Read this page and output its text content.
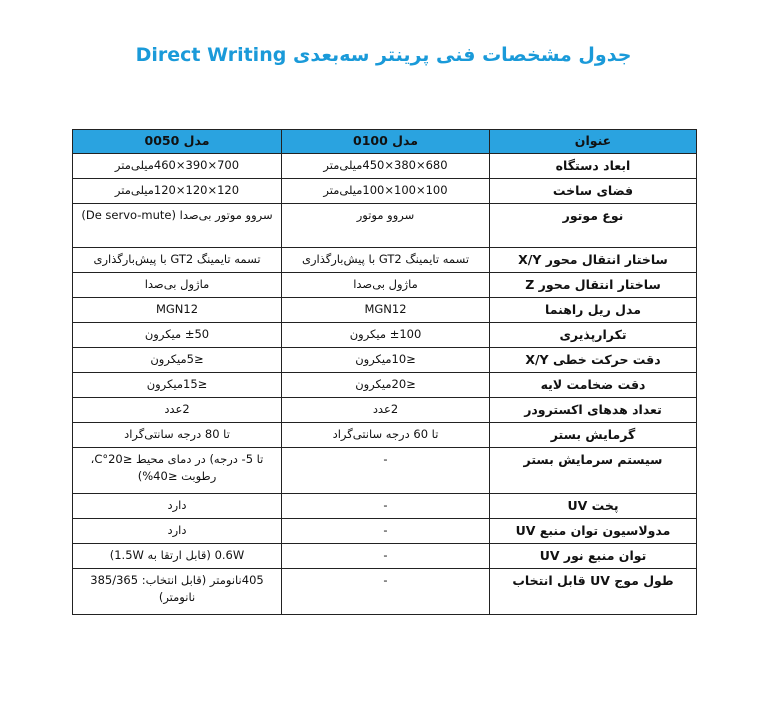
جدول مشخصات فنی پرینتر سه‌بعدی Direct Writing
عنوان	مدل 0100	مدل 0050
ابعاد دستگاه	680×380×450میلی‌متر	700×390×460میلی‌متر
فضای ساخت	100×100×100میلی‌متر	120×120×120میلی‌متر
نوع موتور	سروو موتور	سروو موتور بی‌صدا (De servo-mute)
ساختار انتقال محور X/Y	تسمه تایمینگ GT2 با پیش‌بارگذاری	تسمه تایمینگ GT2 با پیش‌بارگذاری
ساختار انتقال محور Z	ماژول بی‌صدا	ماژول بی‌صدا
مدل ریل راهنما	MGN12	MGN12
تکرارپذیری	±100 میکرون	±50 میکرون
دقت حرکت خطی X/Y	≤10میکرون	≤5میکرون
دقت ضخامت لایه	≤20میکرون	≤15میکرون
تعداد هدهای اکسترودر	2عدد	2عدد
گرمایش بستر	تا 60 درجه سانتی‌گراد	تا 80 درجه سانتی‌گراد
سیستم سرمایش بستر	-	تا 5- درجه) در دمای محیط ≤20°C، رطوبت ≤40%)
پخت UV	-	دارد
مدولاسیون توان منبع UV	-	دارد
توان منبع نور UV	-	0.6W (قابل ارتقا به 1.5W)
طول موج UV قابل انتخاب	-	405نانومتر (قابل انتخاب: 385/365 نانومتر)
